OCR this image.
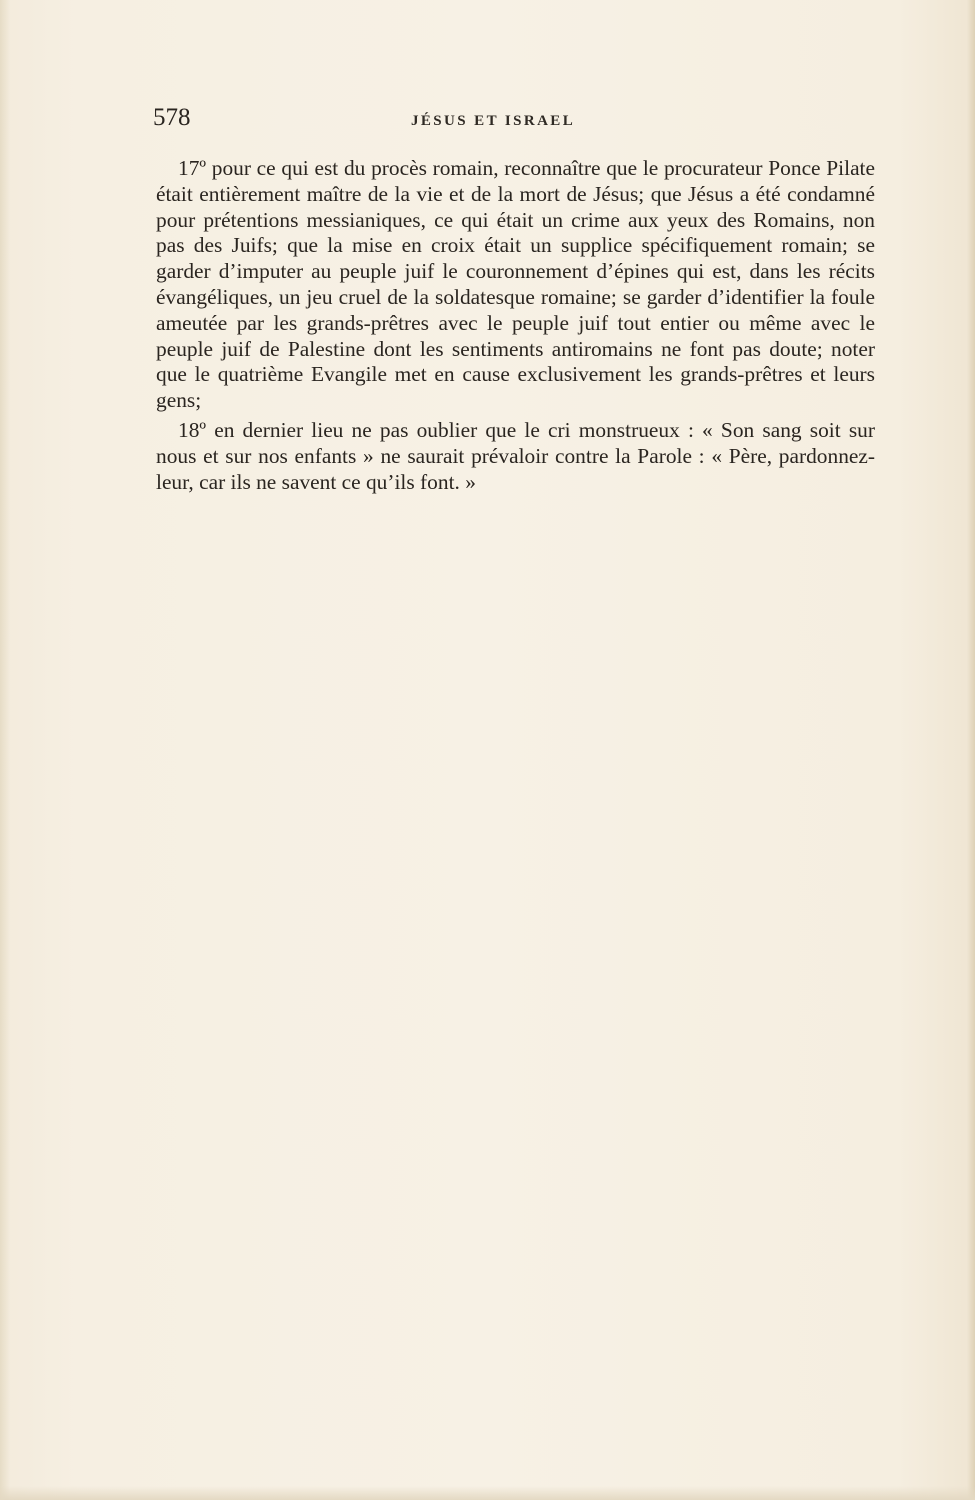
578	JÉSUS ET ISRAEL

17º pour ce qui est du procès romain, reconnaître que le procurateur Ponce Pilate était entièrement maître de la vie et de la mort de Jésus; que Jésus a été condamné pour prétentions messianiques, ce qui était un crime aux yeux des Romains, non pas des Juifs; que la mise en croix était un supplice spécifiquement romain; se garder d’imputer au peuple juif le couronnement d’épines qui est, dans les récits évangéliques, un jeu cruel de la soldatesque romaine; se garder d’identifier la foule ameutée par les grands-prêtres avec le peuple juif tout entier ou même avec le peuple juif de Palestine dont les sentiments antiromains ne font pas doute; noter que le quatrième Evangile met en cause exclusivement les grands-prêtres et leurs gens;

18º en dernier lieu ne pas oublier que le cri monstrueux : « Son sang soit sur nous et sur nos enfants » ne saurait prévaloir contre la Parole : « Père, pardonnez-leur, car ils ne savent ce qu’ils font. »
